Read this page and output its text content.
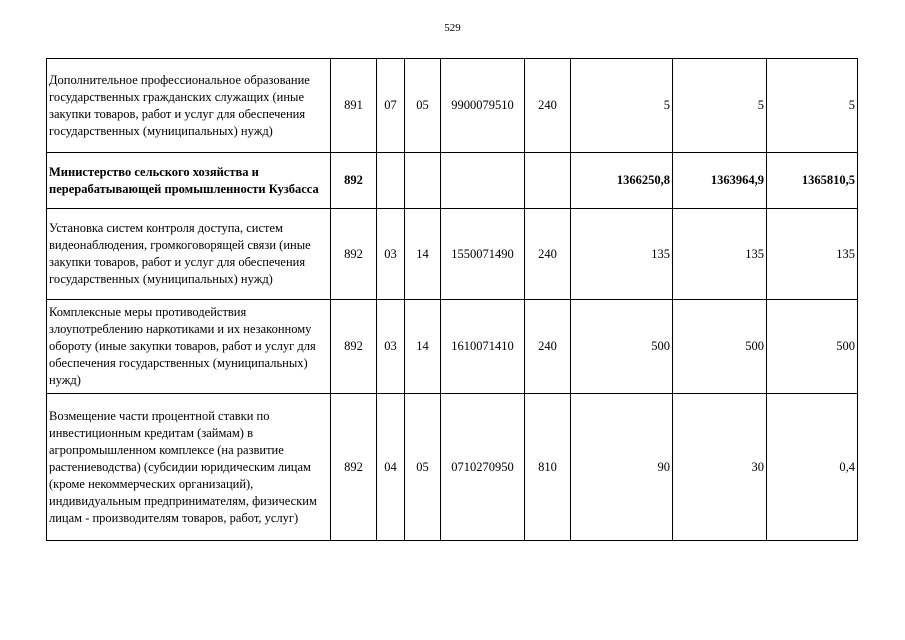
529
Дополнительное профессиональное образование государственных гражданских служащих (иные закупки товаров, работ и услуг для обеспечения государственных (муниципальных) нужд)	891	07	05	9900079510	240	5	5	5
Министерство сельского хозяйства и перерабатывающей промышленности Кузбасса	892					1366250,8	1363964,9	1365810,5
Установка систем контроля доступа, систем видеонаблюдения, громкоговорящей связи (иные закупки товаров, работ и услуг для обеспечения государственных (муниципальных) нужд)	892	03	14	1550071490	240	135	135	135
Комплексные меры противодействия злоупотреблению наркотиками и их незаконному обороту (иные закупки товаров, работ и услуг для обеспечения государственных (муниципальных) нужд)	892	03	14	1610071410	240	500	500	500
Возмещение части процентной ставки по инвестиционным кредитам (займам) в агропромышленном комплексе (на развитие растениеводства) (субсидии юридическим лицам (кроме некоммерческих организаций), индивидуальным предпринимателям, физическим лицам - производителям товаров, работ, услуг)	892	04	05	0710270950	810	90	30	0,4
